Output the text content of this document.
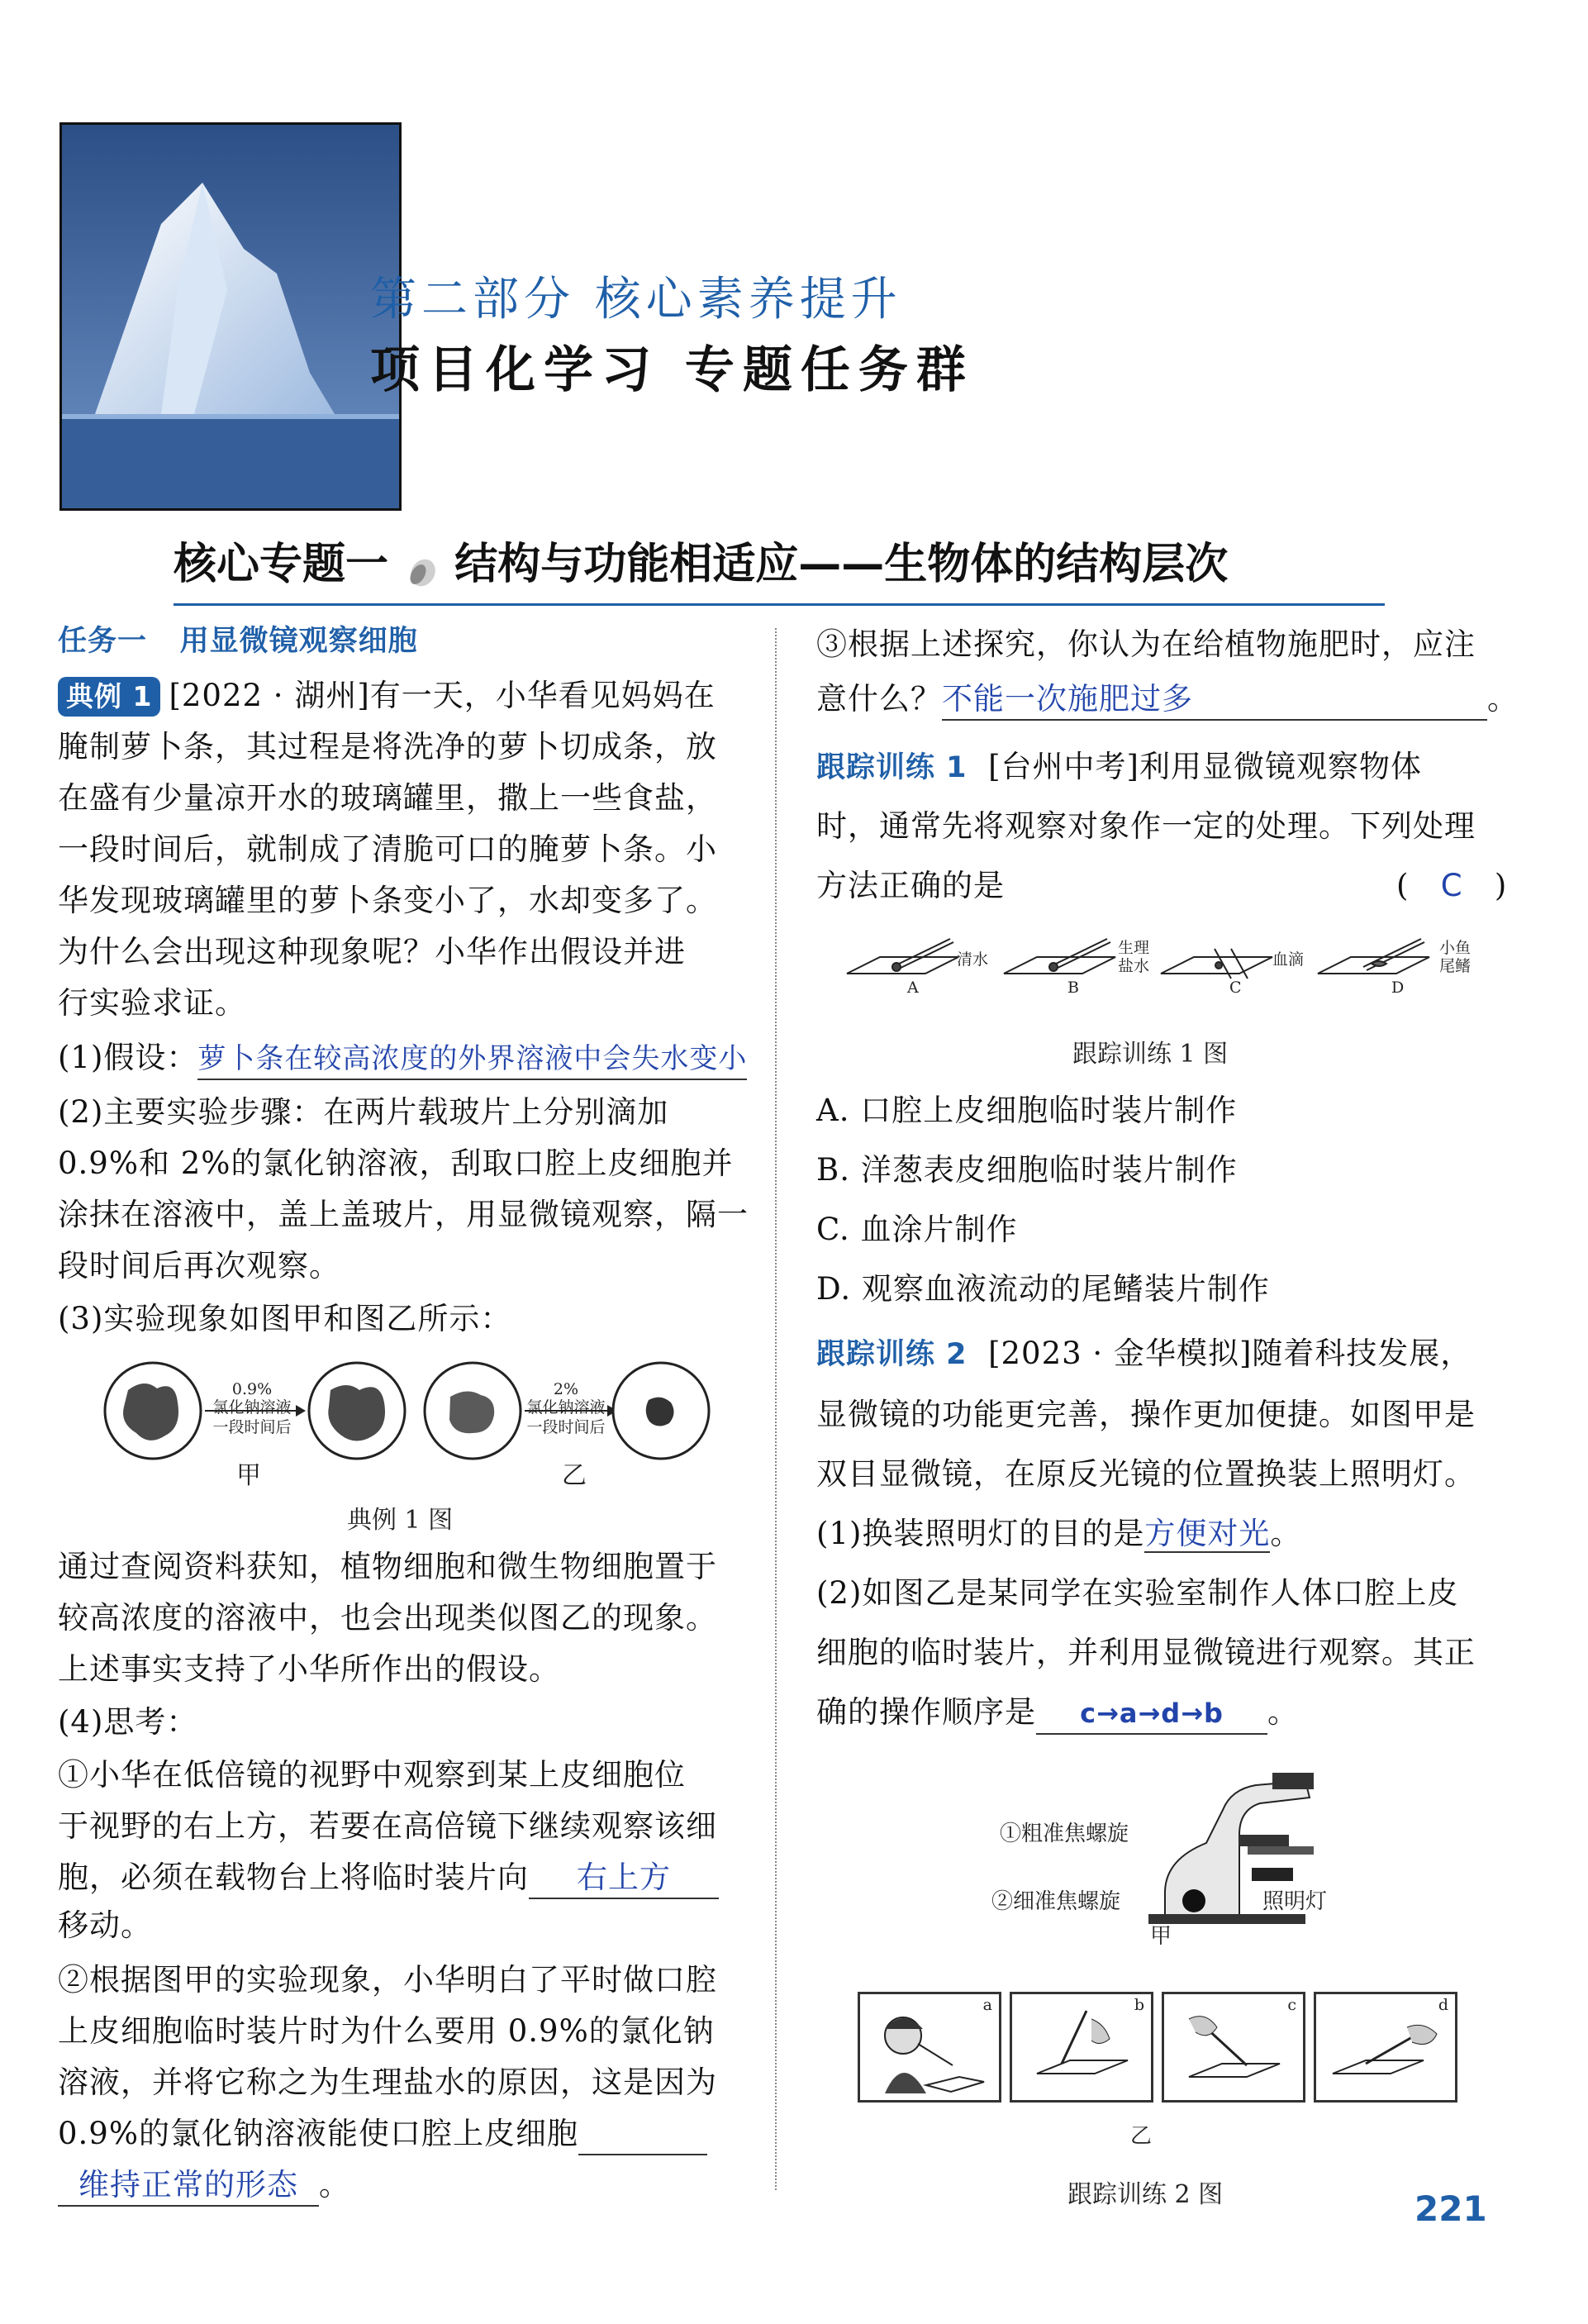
第二部分 核心素养提升
项目化学习 专题任务群
核心专题一 结构与功能相适应——生物体的结构层次
任务一 用显微镜观察细胞
典例 1 [2022 · 湖州]有一天，小华看见妈妈在
腌制萝卜条，其过程是将洗净的萝卜切成条，放
在盛有少量凉开水的玻璃罐里，撒上一些食盐，
一段时间后，就制成了清脆可口的腌萝卜条。小
华发现玻璃罐里的萝卜条变小了，水却变多了。
为什么会出现这种现象呢？小华作出假设并进
行实验求证。
(1)假设：萝卜条在较高浓度的外界溶液中会失水变小
(2)主要实验步骤：在两片载玻片上分别滴加
0.9%和 2%的氯化钠溶液，刮取口腔上皮细胞并
涂抹在溶液中，盖上盖玻片，用显微镜观察，隔一
段时间后再次观察。
(3)实验现象如图甲和图乙所示：
0.9%
氯化钠溶液
一段时间后
2%
氯化钠溶液
一段时间后
甲	乙
典例 1 图
通过查阅资料获知，植物细胞和微生物细胞置于
较高浓度的溶液中，也会出现类似图乙的现象。
上述事实支持了小华所作出的假设。
(4)思考：
①小华在低倍镜的视野中观察到某上皮细胞位
于视野的右上方，若要在高倍镜下继续观察该细
胞，必须在载物台上将临时装片向 右上方
移动。
②根据图甲的实验现象，小华明白了平时做口腔
上皮细胞临时装片时为什么要用 0.9%的氯化钠
溶液，并将它称之为生理盐水的原因，这是因为
0.9%的氯化钠溶液能使口腔上皮细胞
维持正常的形态 。
③根据上述探究，你认为在给植物施肥时，应注
意什么？不能一次施肥过多	。
跟踪训练 1 [台州中考]利用显微镜观察物体
时，通常先将观察对象作一定的处理。下列处理
方法正确的是	( C )
清水
生理
盐水	血滴
小鱼
尾鳍
A	B	C	D
跟踪训练 1 图
A. 口腔上皮细胞临时装片制作
B. 洋葱表皮细胞临时装片制作
C. 血涂片制作
D. 观察血液流动的尾鳍装片制作
跟踪训练 2 [2023 · 金华模拟]随着科技发展，
显微镜的功能更完善，操作更加便捷。如图甲是
双目显微镜，在原反光镜的位置换装上照明灯。
(1)换装照明灯的目的是方便对光。
(2)如图乙是某同学在实验室制作人体口腔上皮
细胞的临时装片，并利用显微镜进行观察。其正
确的操作顺序是 c→a→d→b 。
①粗准焦螺旋
②细准焦螺旋	照明灯
甲
a	b	c	d
乙
跟踪训练 2 图	221
